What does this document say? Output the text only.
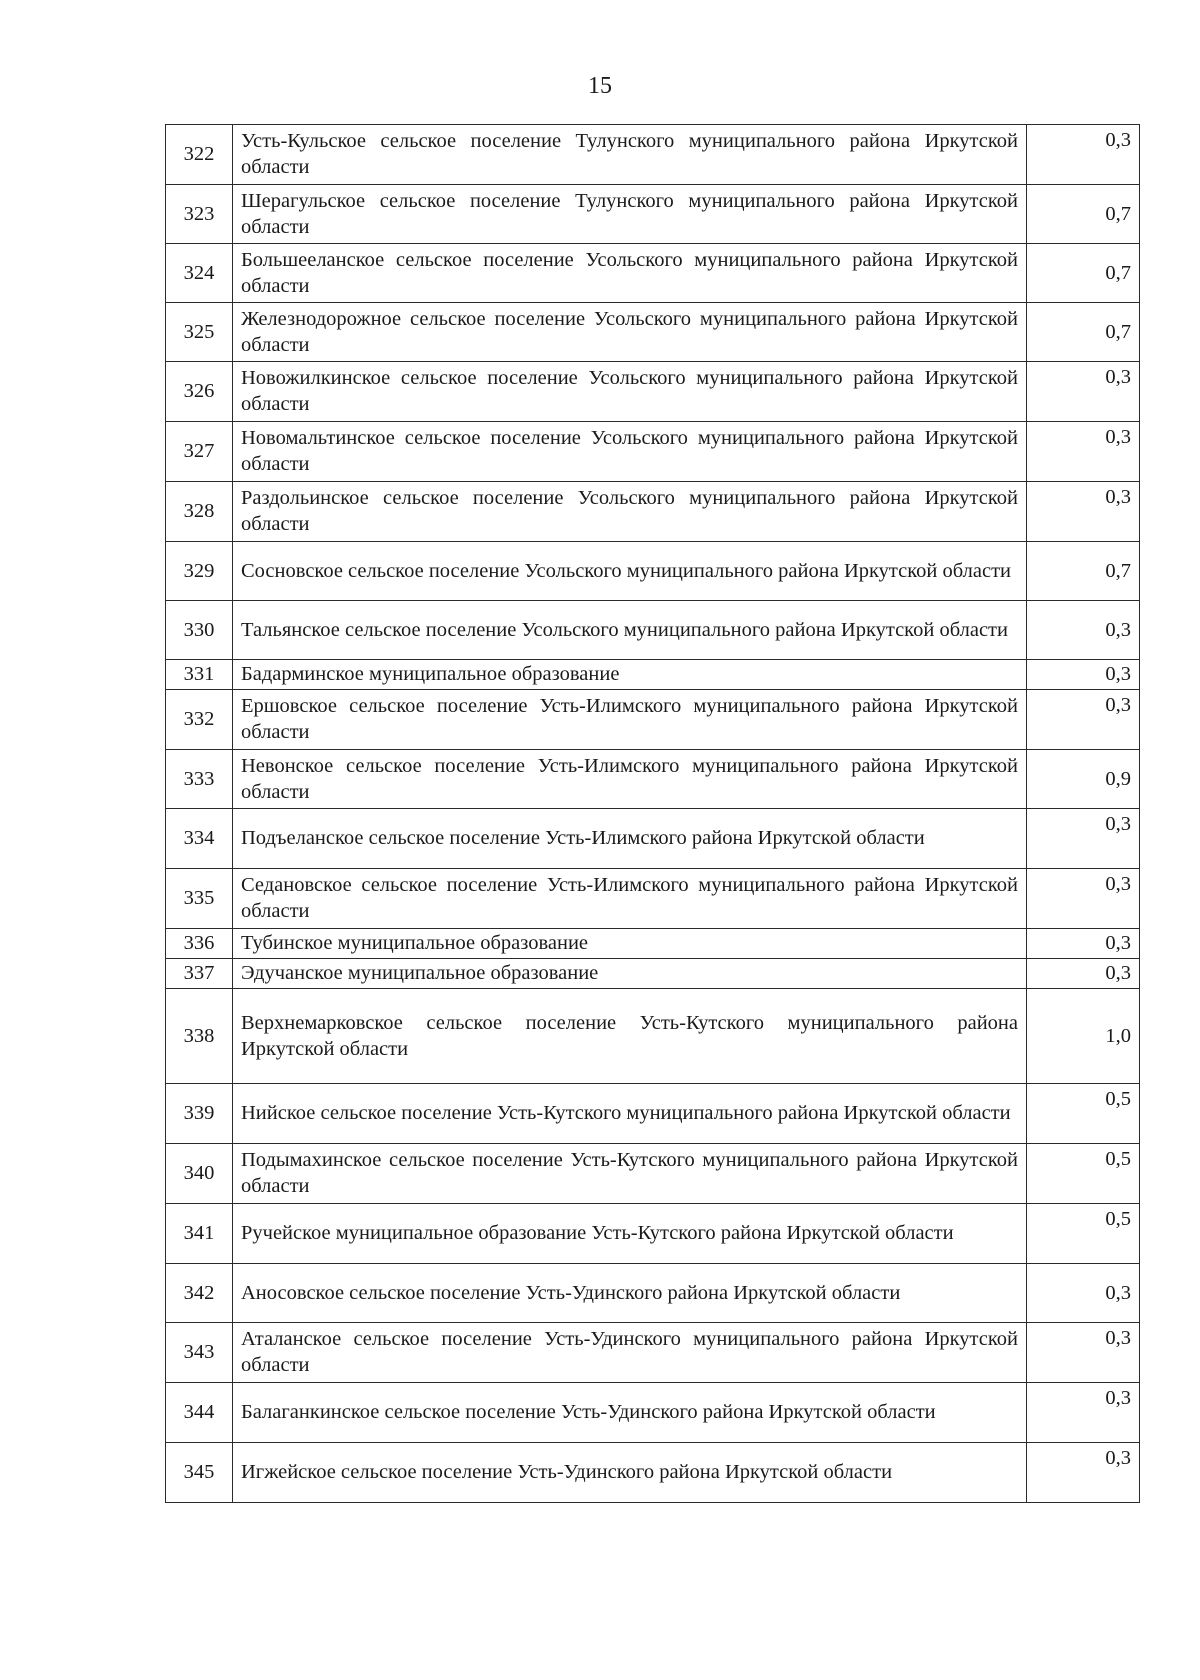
15
322	Усть-Кульское сельское поселение Тулунского муниципального района Иркутской области	0,3
323	Шерагульское сельское поселение Тулунского муниципального района Иркутской области	0,7
324	Большееланское сельское поселение Усольского муниципального района Иркутской области	0,7
325	Железнодорожное сельское поселение Усольского муниципального района Иркутской области	0,7
326	Новожилкинское сельское поселение Усольского муниципального района Иркутской области	0,3
327	Новомальтинское сельское поселение Усольского муниципального района Иркутской области	0,3
328	Раздольинское сельское поселение Усольского муниципального района Иркутской области	0,3
329	Сосновское сельское поселение Усольского муниципального района Иркутской области	0,7
330	Тальянское сельское поселение Усольского муниципального района Иркутской области	0,3
331	Бадарминское муниципальное образование	0,3
332	Ершовское сельское поселение Усть-Илимского муниципального района Иркутской области	0,3
333	Невонское сельское поселение Усть-Илимского муниципального района Иркутской области	0,9
334	Подъеланское сельское поселение Усть-Илимского района Иркутской области	0,3
335	Седановское сельское поселение Усть-Илимского муниципального района Иркутской области	0,3
336	Тубинское муниципальное образование	0,3
337	Эдучанское муниципальное образование	0,3
338	Верхнемарковское сельское поселение Усть-Кутского муниципального района Иркутской области	1,0
339	Нийское сельское поселение Усть-Кутского муниципального района Иркутской области	0,5
340	Подымахинское сельское поселение Усть-Кутского муниципального района Иркутской области	0,5
341	Ручейское муниципальное образование Усть-Кутского района Иркутской области	0,5
342	Аносовское сельское поселение Усть-Удинского района Иркутской области	0,3
343	Аталанское сельское поселение Усть-Удинского муниципального района Иркутской области	0,3
344	Балаганкинское сельское поселение Усть-Удинского района Иркутской области	0,3
345	Игжейское сельское поселение Усть-Удинского района Иркутской области	0,3
